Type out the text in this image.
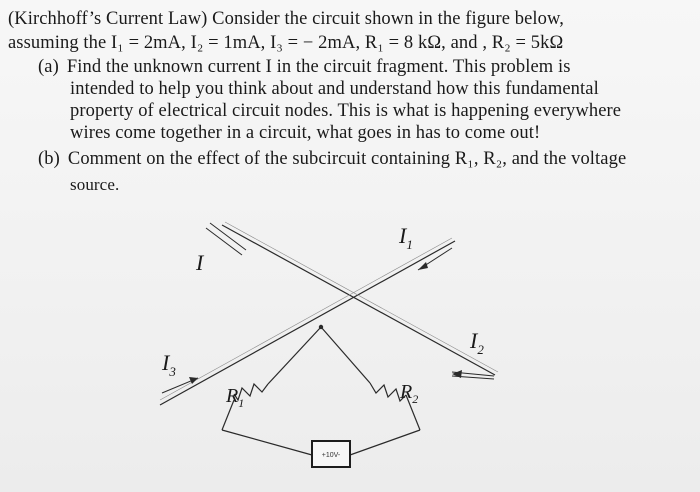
(Kirchhoff’s Current Law) Consider the circuit shown in the figure below,
assuming the I₁ = 2mA, I₂ = 1mA, I₃ = − 2mA, R₁ = 8 kΩ, and , R₂ = 5kΩ
(a) Find the unknown current I in the circuit fragment. This problem is
intended to help you think about and understand how this fundamental
property of electrical circuit nodes. This is what is happening everywhere
wires come together in a circuit, what goes in has to come out!
(b) Comment on the effect of the subcircuit containing R₁, R₂, and the voltage
source.
+10V-
I
$I_1$
$I_2$
$I_3$
$R_1$	$R_2$
